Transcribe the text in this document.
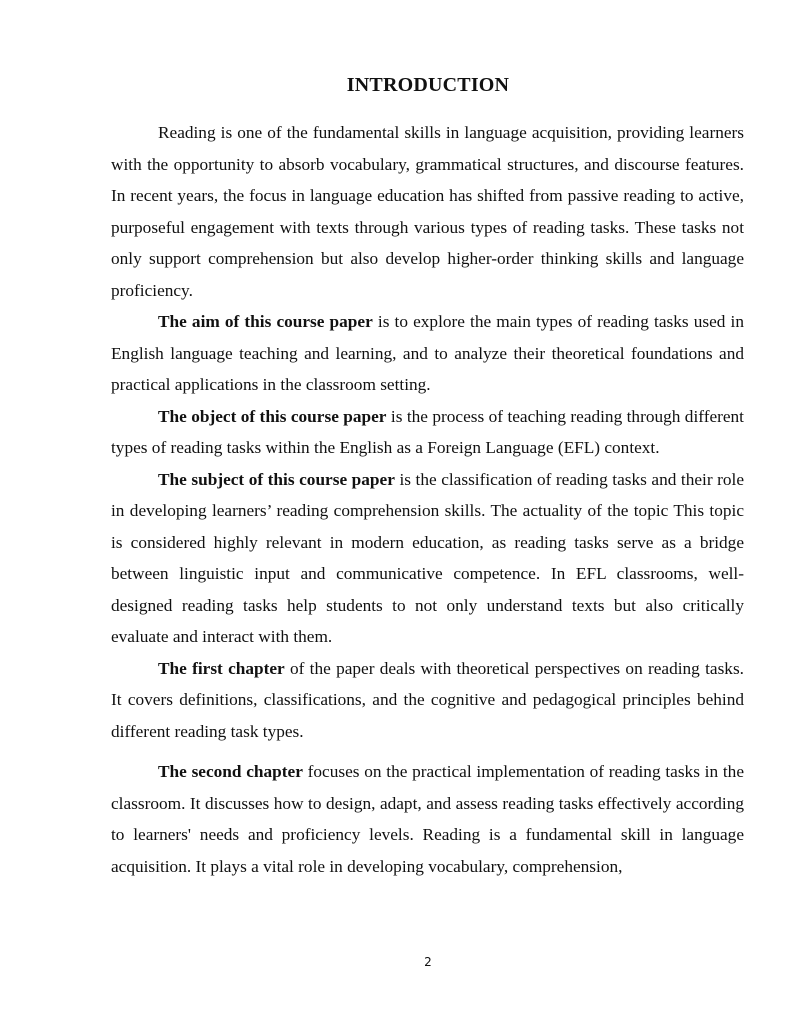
INTRODUCTION

Reading is one of the fundamental skills in language acquisition, providing learners with the opportunity to absorb vocabulary, grammatical structures, and discourse features. In recent years, the focus in language education has shifted from passive reading to active, purposeful engagement with texts through various types of reading tasks. These tasks not only support comprehension but also develop higher-order thinking skills and language proficiency.

The aim of this course paper is to explore the main types of reading tasks used in English language teaching and learning, and to analyze their theoretical foundations and practical applications in the classroom setting.

The object of this course paper is the process of teaching reading through different types of reading tasks within the English as a Foreign Language (EFL) context.

The subject of this course paper is the classification of reading tasks and their role in developing learners’ reading comprehension skills. The actuality of the topic This topic is considered highly relevant in modern education, as reading tasks serve as a bridge between linguistic input and communicative competence. In EFL classrooms, well-designed reading tasks help students to not only understand texts but also critically evaluate and interact with them.

The first chapter of the paper deals with theoretical perspectives on reading tasks. It covers definitions, classifications, and the cognitive and pedagogical principles behind different reading task types.

The second chapter focuses on the practical implementation of reading tasks in the classroom. It discusses how to design, adapt, and assess reading tasks effectively according to learners' needs and proficiency levels. Reading is a fundamental skill in language acquisition. It plays a vital role in developing vocabulary, comprehension,

2
